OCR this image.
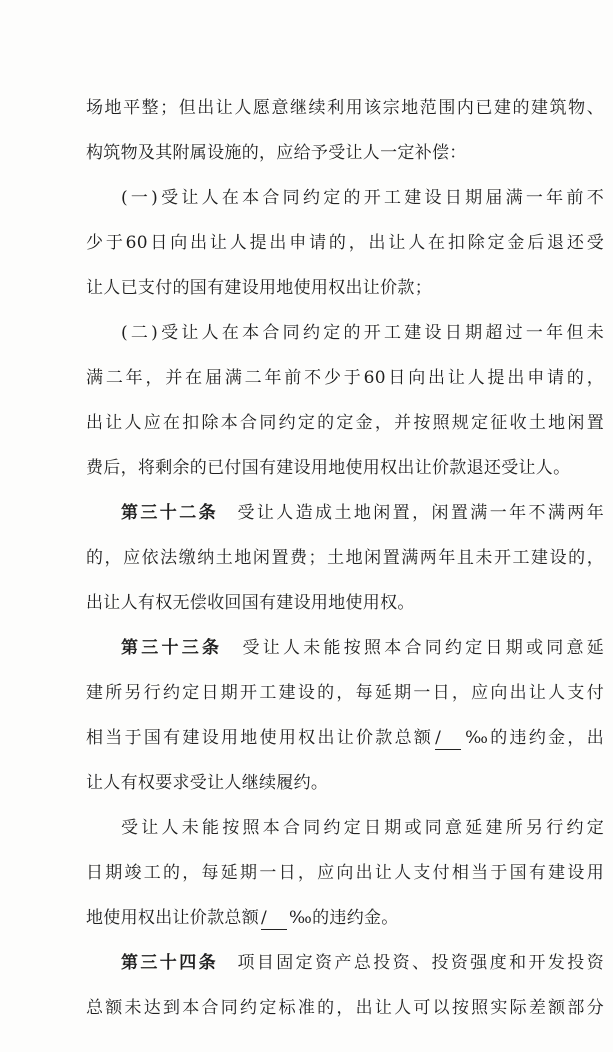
场地平整；但出让人愿意继续利用该宗地范围内已建的建筑物、
构筑物及其附属设施的，应给予受让人一定补偿：
(一)受让人在本合同约定的开工建设日期届满一年前不
少于60日向出让人提出申请的，出让人在扣除定金后退还受
让人已支付的国有建设用地使用权出让价款；
(二)受让人在本合同约定的开工建设日期超过一年但未
满二年，并在届满二年前不少于60日向出让人提出申请的，
出让人应在扣除本合同约定的定金，并按照规定征收土地闲置
费后，将剩余的已付国有建设用地使用权出让价款退还受让人。
第三十二条  受让人造成土地闲置，闲置满一年不满两年
的，应依法缴纳土地闲置费；土地闲置满两年且未开工建设的，
出让人有权无偿收回国有建设用地使用权。
第三十三条  受让人未能按照本合同约定日期或同意延
建所另行约定日期开工建设的，每延期一日，应向出让人支付
相当于国有建设用地使用权出让价款总额 / ‰的违约金，出
让人有权要求受让人继续履约。
受让人未能按照本合同约定日期或同意延建所另行约定
日期竣工的，每延期一日，应向出让人支付相当于国有建设用
地使用权出让价款总额 / ‰的违约金。
第三十四条  项目固定资产总投资、投资强度和开发投资
总额未达到本合同约定标准的，出让人可以按照实际差额部分
